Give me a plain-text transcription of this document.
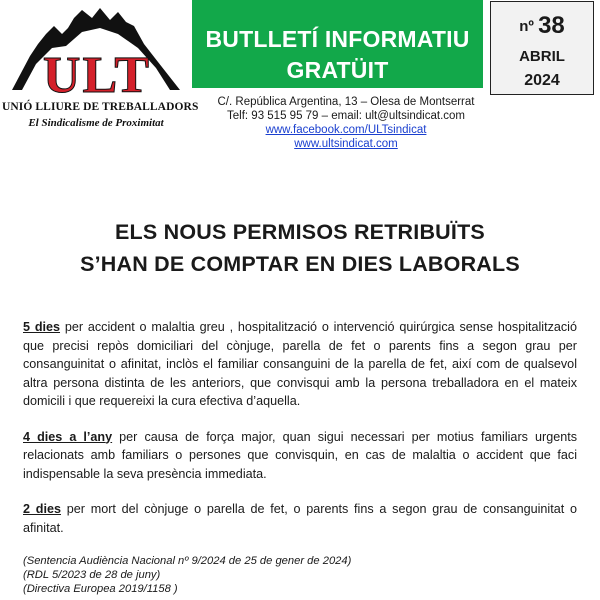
ULT
UNIÓ LLIURE DE TREBALLADORS
El Sindicalisme de Proximitat
BUTLLETÍ INFORMATIU
GRATÜIT
nº 38
ABRIL
2024
C/. República Argentina, 13 – Olesa de Montserrat
Telf: 93 515 95 79 – email: ult@ultsindicat.com
www.facebook.com/ULTsindicat
www.ultsindicat.com
ELS NOUS PERMISOS RETRIBUÏTS
S’HAN DE COMPTAR EN DIES LABORALS

5 dies per accident o malaltia greu , hospitalització o intervenció quirúrgica sense hospitalització que precisi repòs domiciliari del cònjuge, parella de fet o parents fins a segon grau per consanguinitat o afinitat, inclòs el familiar consanguini de la parella de fet, així com de qualsevol altra persona distinta de les anteriors, que convisqui amb la persona treballadora en el mateix domicili i que requereixi la cura efectiva d’aquella.

4 dies a l’any per causa de força major, quan sigui necessari per motius familiars urgents relacionats amb familiars o persones que convisquin, en cas de malaltia o accident que faci indispensable la seva presència immediata.

2 dies per mort del cònjuge o parella de fet, o parents fins a segon grau de consanguinitat o afinitat.

(Sentencia Audiència Nacional nº 9/2024 de 25 de gener de 2024)
(RDL 5/2023 de 28 de juny)
(Directiva Europea 2019/1158 )
